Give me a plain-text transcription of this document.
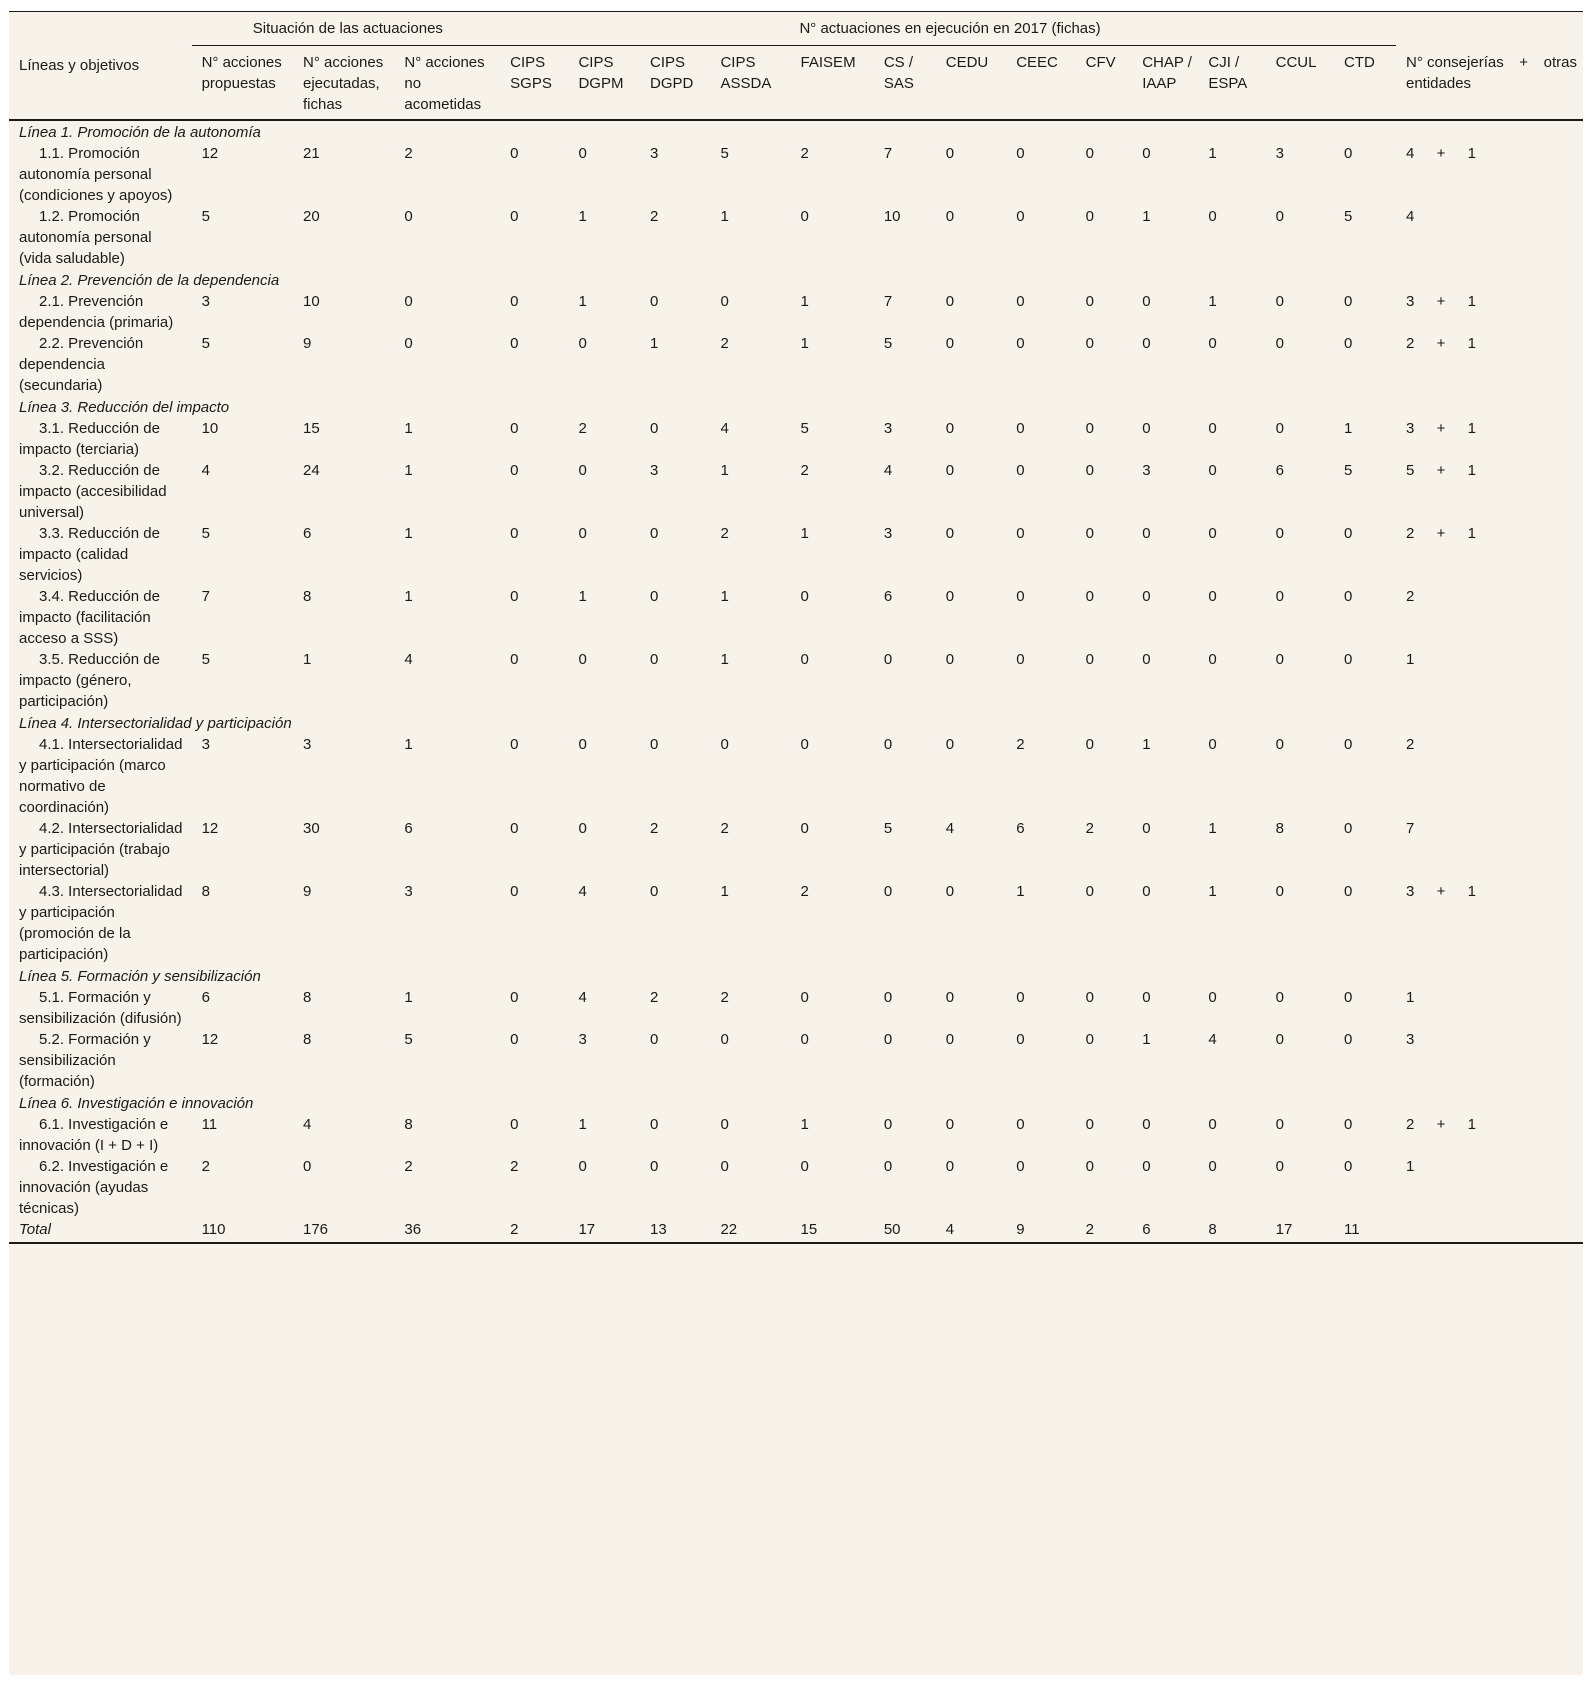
Líneas y objetivos	Situación de las actuaciones			N° actuaciones en ejecución en 2017 (fichas)													
	N° acciones propuestas	N° acciones ejecutadas, fichas	N° acciones no acometidas	CIPS SGPS	CIPS DGPM	CIPS DGPD	CIPS ASSDA	FAISEM	CS / SAS	CEDU	CEEC	CFV	CHAP / IAAP	CJI / ESPA	CCUL	CTD	N° consejerías + otras
entidades

Línea 1. Promoción de la autonomía																	
1.1. Promoción autonomía personal (condiciones y apoyos)	12	21	2	0	0	3	5	2	7	0	0	0	0	1	3	0	4 + 1

1.2. Promoción autonomía personal (vida saludable)	5	20	0	0	1	2	1	0	10	0	0	0	1	0	0	5	4

Línea 2. Prevención de la dependencia																	
2.1. Prevención dependencia (primaria)	3	10	0	0	1	0	0	1	7	0	0	0	0	1	0	0	3 + 1

2.2. Prevención dependencia (secundaria)	5	9	0	0	0	1	2	1	5	0	0	0	0	0	0	0	2 + 1

Línea 3. Reducción del impacto																	
3.1. Reducción de impacto (terciaria)	10	15	1	0	2	0	4	5	3	0	0	0	0	0	0	1	3 + 1

3.2. Reducción de impacto (accesibilidad universal)	4	24	1	0	0	3	1	2	4	0	0	0	3	0	6	5	5 + 1

3.3. Reducción de impacto (calidad servicios)	5	6	1	0	0	0	2	1	3	0	0	0	0	0	0	0	2 + 1

3.4. Reducción de impacto (facilitación acceso a SSS)	7	8	1	0	1	0	1	0	6	0	0	0	0	0	0	0	2

3.5. Reducción de impacto (género, participación)	5	1	4	0	0	0	1	0	0	0	0	0	0	0	0	0	1

Línea 4. Intersectorialidad y participación																	
4.1. Intersectorialidad y participación (marco normativo de coordinación)	3	3	1	0	0	0	0	0	0	0	2	0	1	0	0	0	2

4.2. Intersectorialidad y participación (trabajo intersectorial)	12	30	6	0	0	2	2	0	5	4	6	2	0	1	8	0	7

4.3. Intersectorialidad y participación (promoción de la participación)	8	9	3	0	4	0	1	2	0	0	1	0	0	1	0	0	3 + 1

Línea 5. Formación y sensibilización																	
5.1. Formación y sensibilización (difusión)	6	8	1	0	4	2	2	0	0	0	0	0	0	0	0	0	1

5.2. Formación y sensibilización (formación)	12	8	5	0	3	0	0	0	0	0	0	0	1	4	0	0	3

Línea 6. Investigación e innovación																	
6.1. Investigación e innovación (I + D + I)	11	4	8	0	1	0	0	1	0	0	0	0	0	0	0	0	2 + 1

6.2. Investigación e innovación (ayudas técnicas)	2	0	2	2	0	0	0	0	0	0	0	0	0	0	0	0	1

Total	110	176	36	2	17	13	22	15	50	4	9	2	6	8	17	11	
